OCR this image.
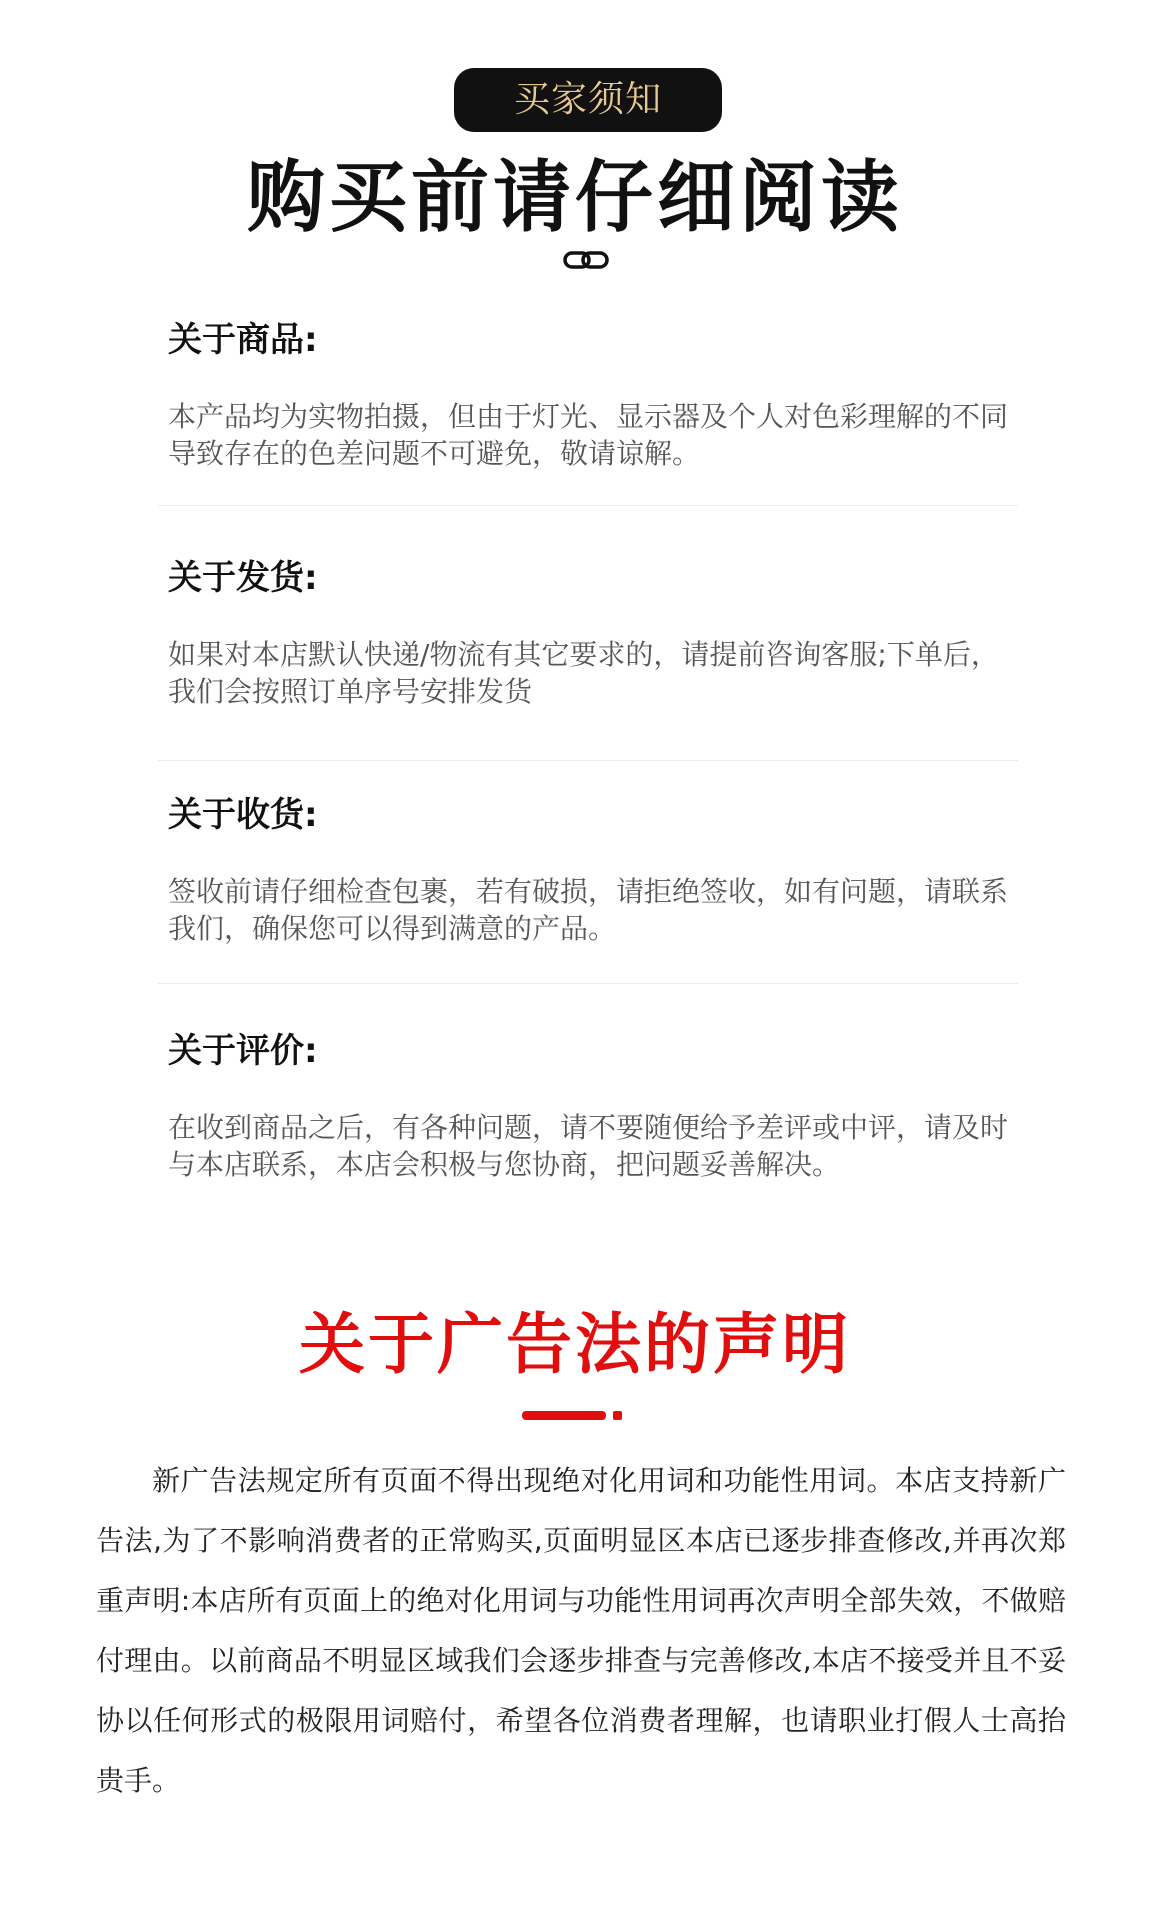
买家须知
购买前请仔细阅读
关于商品:
本产品均为实物拍摄，但由于灯光、显示器及个人对色彩理解的不同导致存在的色差问题不可避免，敬请谅解。
关于发货:
如果对本店默认快递/物流有其它要求的，请提前咨询客服;下单后，我们会按照订单序号安排发货
关于收货:
签收前请仔细检查包裹，若有破损，请拒绝签收，如有问题，请联系我们，确保您可以得到满意的产品。
关于评价:
在收到商品之后，有各种问题，请不要随便给予差评或中评，请及时与本店联系，本店会积极与您协商，把问题妥善解决。
关于广告法的声明
新广告法规定所有页面不得出现绝对化用词和功能性用词。本店支持新广告法,为了不影响消费者的正常购买,页面明显区本店已逐步排查修改,并再次郑重声明:本店所有页面上的绝对化用词与功能性用词再次声明全部失效，不做赔付理由。以前商品不明显区域我们会逐步排查与完善修改,本店不接受并且不妥协以任何形式的极限用词赔付，希望各位消费者理解，也请职业打假人士高抬贵手。
